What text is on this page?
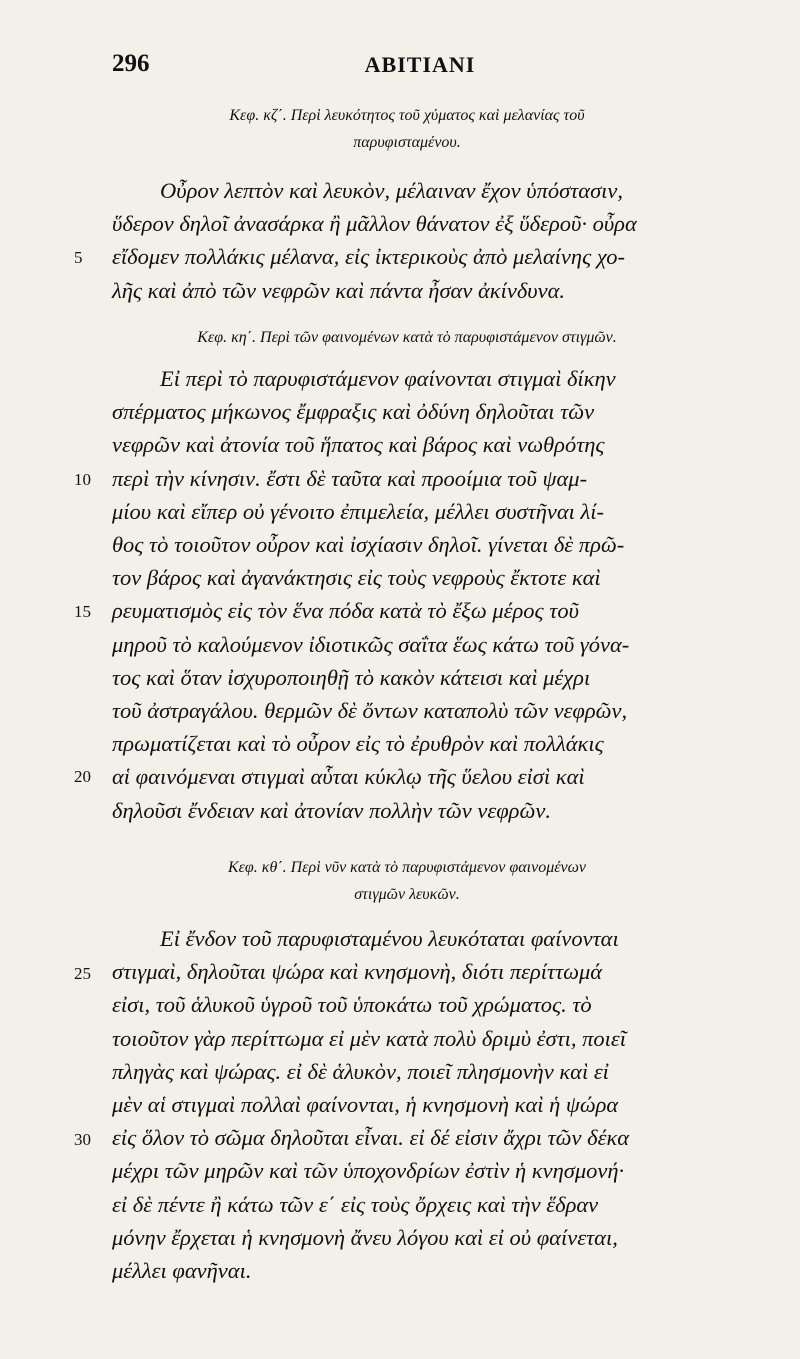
296	ΑΒΙΤΙΑΝΙ
Κεφ. κζ΄. Περὶ λευκότητος τοῦ χύματος καὶ μελανίας τοῦ
παρυφισταμένου.
Οὖρον λεπτὸν καὶ λευκὸν, μέλαιναν ἔχον ὑπόστασιν,
ὕδερον δηλοῖ ἀνασάρκα ἢ μᾶλλον θάνατον ἐξ ὕδεροῦ· οὖρα
εἴδομεν πολλάκις μέλανα, εἰς ἰκτερικοὺς ἀπὸ μελαίνης χο-
λῆς καὶ ἀπὸ τῶν νεφρῶν καὶ πάντα ἦσαν ἀκίνδυνα.
Κεφ. κη΄. Περὶ τῶν φαινομένων κατὰ τὸ παρυφιστάμενον στιγμῶν.
Εἰ περὶ τὸ παρυφιστάμενον φαίνονται στιγμαὶ δίκην
σπέρματος μήκωνος ἔμφραξις καὶ ὀδύνη δηλοῦται τῶν
νεφρῶν καὶ ἀτονία τοῦ ἥπατος καὶ βάρος καὶ νωθρότης
περὶ τὴν κίνησιν. ἔστι δὲ ταῦτα καὶ προοίμια τοῦ ψαμ-
μίου καὶ εἴπερ οὐ γένοιτο ἐπιμελεία, μέλλει συστῆναι λί-
θος τὸ τοιοῦτον οὖρον καὶ ἰσχίασιν δηλοῖ. γίνεται δὲ πρῶ-
τον βάρος καὶ ἀγανάκτησις εἰς τοὺς νεφροὺς ἔκτοτε καὶ
ρευματισμὸς εἰς τὸν ἕνα πόδα κατὰ τὸ ἔξω μέρος τοῦ
μηροῦ τὸ καλούμενον ἰδιοτικῶς σαΐτα ἕως κάτω τοῦ γόνα-
τος καὶ ὅταν ἰσχυροποιηθῇ τὸ κακὸν κάτεισι καὶ μέχρι
τοῦ ἀστραγάλου. θερμῶν δὲ ὄντων καταπολὺ τῶν νεφρῶν,
πρωματίζεται καὶ τὸ οὖρον εἰς τὸ ἐρυθρὸν καὶ πολλάκις
αἱ φαινόμεναι στιγμαὶ αὗται κύκλῳ τῆς ὕελου εἰσὶ καὶ
δηλοῦσι ἔνδειαν καὶ ἀτονίαν πολλὴν τῶν νεφρῶν.
Κεφ. κθ΄. Περὶ νῦν κατὰ τὸ παρυφιστάμενον φαινομένων
στιγμῶν λευκῶν.
Εἰ ἔνδον τοῦ παρυφισταμένου λευκόταται φαίνονται
στιγμαὶ, δηλοῦται ψώρα καὶ κνησμονὴ, διότι περίττωμά
εἰσι, τοῦ ἁλυκοῦ ὑγροῦ τοῦ ὑποκάτω τοῦ χρώματος. τὸ
τοιοῦτον γὰρ περίττωμα εἰ μὲν κατὰ πολὺ δριμὺ ἐστι, ποιεῖ
πληγὰς καὶ ψώρας. εἰ δὲ ἁλυκὸν, ποιεῖ πλησμονὴν καὶ εἰ
μὲν αἱ στιγμαὶ πολλαὶ φαίνονται, ἡ κνησμονὴ καὶ ἡ ψώρα
εἰς ὅλον τὸ σῶμα δηλοῦται εἶναι. εἰ δέ εἰσιν ἄχρι τῶν δέκα
μέχρι τῶν μηρῶν καὶ τῶν ὑποχονδρίων ἐστὶν ἡ κνησμονή·
εἰ δὲ πέντε ἢ κάτω τῶν ε΄ εἰς τοὺς ὄρχεις καὶ τὴν ἕδραν
μόνην ἔρχεται ἡ κνησμονὴ ἄνευ λόγου καὶ εἰ οὐ φαίνεται,
μέλλει φανῆναι.
5
10
15
20
25
30
